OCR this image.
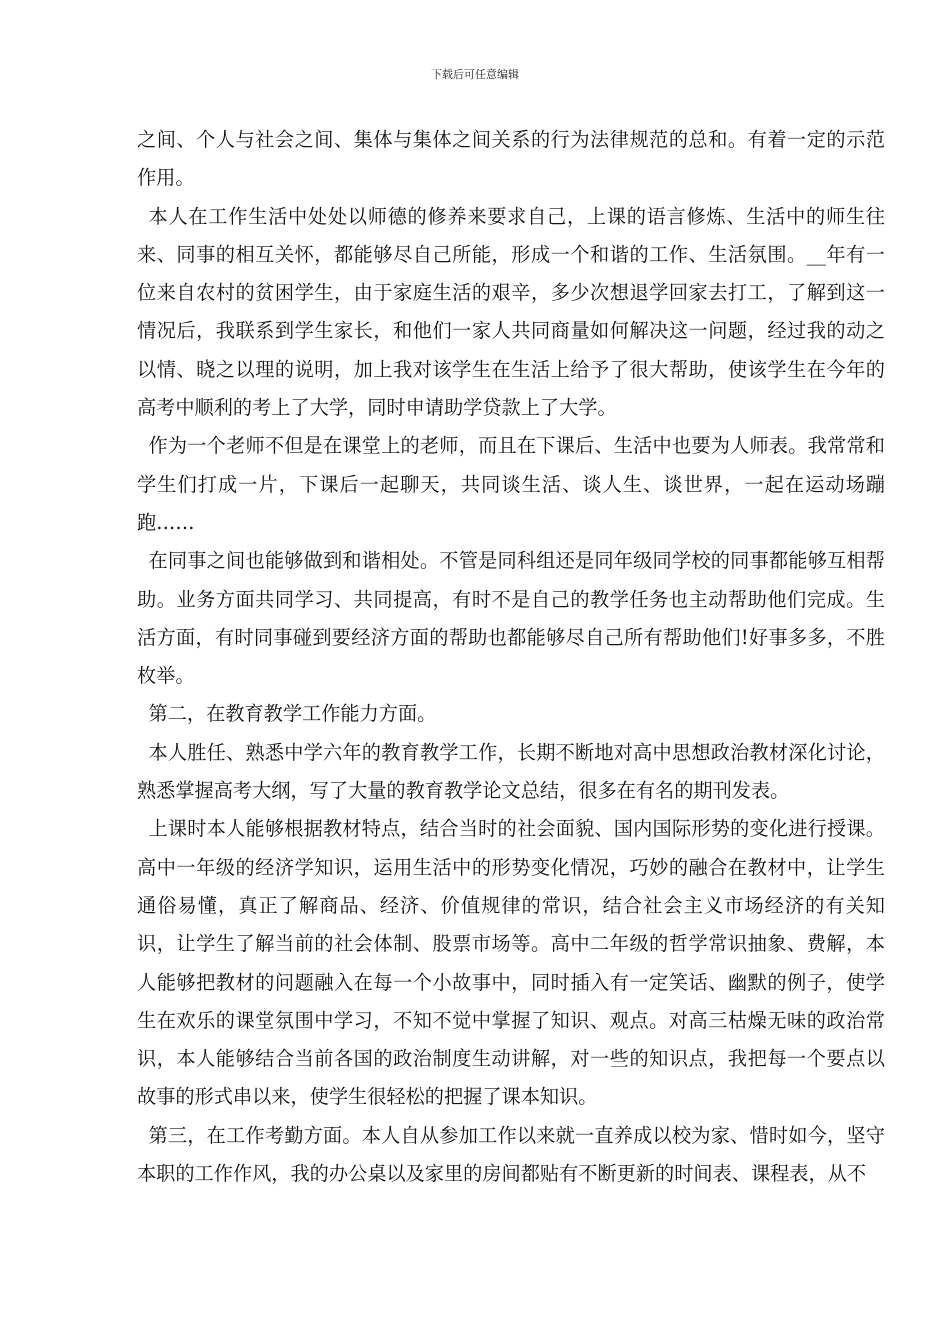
下载后可任意编辑

之间、个人与社会之间、集体与集体之间关系的行为法律规范的总和。有着一定的示范作用。

本人在工作生活中处处以师德的修养来要求自己，上课的语言修炼、生活中的师生往来、同事的相互关怀，都能够尽自己所能，形成一个和谐的工作、生活氛围。__年有一位来自农村的贫困学生，由于家庭生活的艰辛，多少次想退学回家去打工，了解到这一情况后，我联系到学生家长，和他们一家人共同商量如何解决这一问题，经过我的动之以情、晓之以理的说明，加上我对该学生在生活上给予了很大帮助，使该学生在今年的高考中顺利的考上了大学，同时申请助学贷款上了大学。

作为一个老师不但是在课堂上的老师，而且在下课后、生活中也要为人师表。我常常和学生们打成一片，下课后一起聊天，共同谈生活、谈人生、谈世界，一起在运动场蹦跑……

在同事之间也能够做到和谐相处。不管是同科组还是同年级同学校的同事都能够互相帮助。业务方面共同学习、共同提高，有时不是自己的教学任务也主动帮助他们完成。生活方面，有时同事碰到要经济方面的帮助也都能够尽自己所有帮助他们!好事多多，不胜枚举。

第二，在教育教学工作能力方面。

本人胜任、熟悉中学六年的教育教学工作，长期不断地对高中思想政治教材深化讨论，熟悉掌握高考大纲，写了大量的教育教学论文总结，很多在有名的期刊发表。

上课时本人能够根据教材特点，结合当时的社会面貌、国内国际形势的变化进行授课。高中一年级的经济学知识，运用生活中的形势变化情况，巧妙的融合在教材中，让学生通俗易懂，真正了解商品、经济、价值规律的常识，结合社会主义市场经济的有关知识，让学生了解当前的社会体制、股票市场等。高中二年级的哲学常识抽象、费解，本人能够把教材的问题融入在每一个小故事中，同时插入有一定笑话、幽默的例子，使学生在欢乐的课堂氛围中学习，不知不觉中掌握了知识、观点。对高三枯燥无味的政治常识，本人能够结合当前各国的政治制度生动讲解，对一些的知识点，我把每一个要点以故事的形式串以来，使学生很轻松的把握了课本知识。

第三，在工作考勤方面。本人自从参加工作以来就一直养成以校为家、惜时如今，坚守本职的工作作风，我的办公桌以及家里的房间都贴有不断更新的时间表、课程表，从不
